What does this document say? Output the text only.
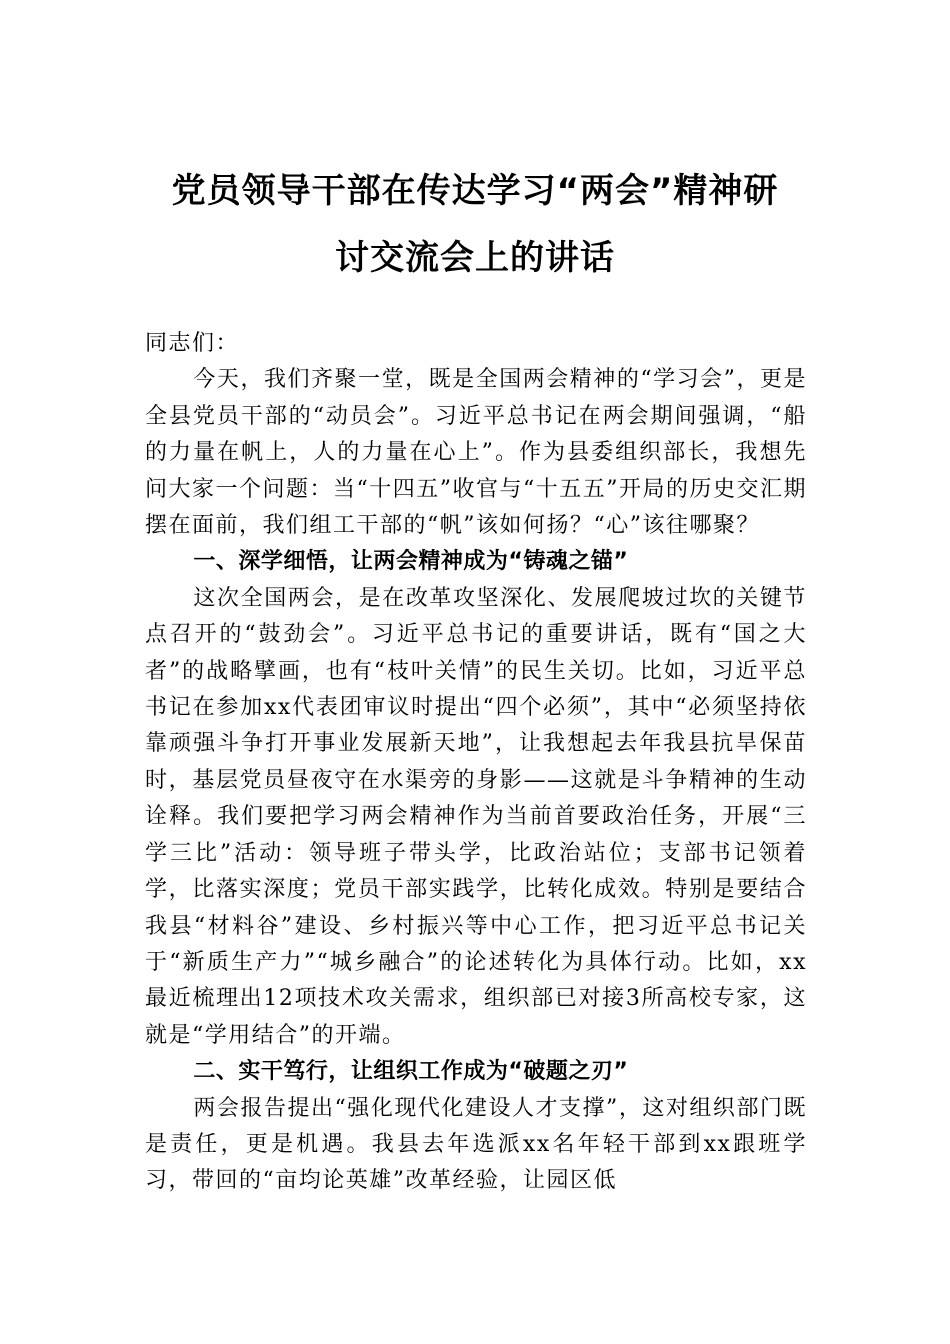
党员领导干部在传达学习“两会”精神研
讨交流会上的讲话

同志们：

今天，我们齐聚一堂，既是全国两会精神的“学习会”，更是全县党员干部的“动员会”。习近平总书记在两会期间强调，“船的力量在帆上，人的力量在心上”。作为县委组织部长，我想先问大家一个问题：当“十四五”收官与“十五五”开局的历史交汇期摆在面前，我们组工干部的“帆”该如何扬？“心”该往哪聚？

一、深学细悟，让两会精神成为“铸魂之锚”

这次全国两会，是在改革攻坚深化、发展爬坡过坎的关键节点召开的“鼓劲会”。习近平总书记的重要讲话，既有“国之大者”的战略擘画，也有“枝叶关情”的民生关切。比如，习近平总书记在参加xx代表团审议时提出“四个必须”，其中“必须坚持依靠顽强斗争打开事业发展新天地”，让我想起去年我县抗旱保苗时，基层党员昼夜守在水渠旁的身影——这就是斗争精神的生动诠释。我们要把学习两会精神作为当前首要政治任务，开展“三学三比”活动：领导班子带头学，比政治站位；支部书记领着学，比落实深度；党员干部实践学，比转化成效。特别是要结合我县“材料谷”建设、乡村振兴等中心工作，把习近平总书记关于“新质生产力”“城乡融合”的论述转化为具体行动。比如，xx最近梳理出12项技术攻关需求，组织部已对接3所高校专家，这就是“学用结合”的开端。

二、实干笃行，让组织工作成为“破题之刃”

两会报告提出“强化现代化建设人才支撑”，这对组织部门既是责任，更是机遇。我县去年选派xx名年轻干部到xx跟班学习，带回的“亩均论英雄”改革经验，让园区低
